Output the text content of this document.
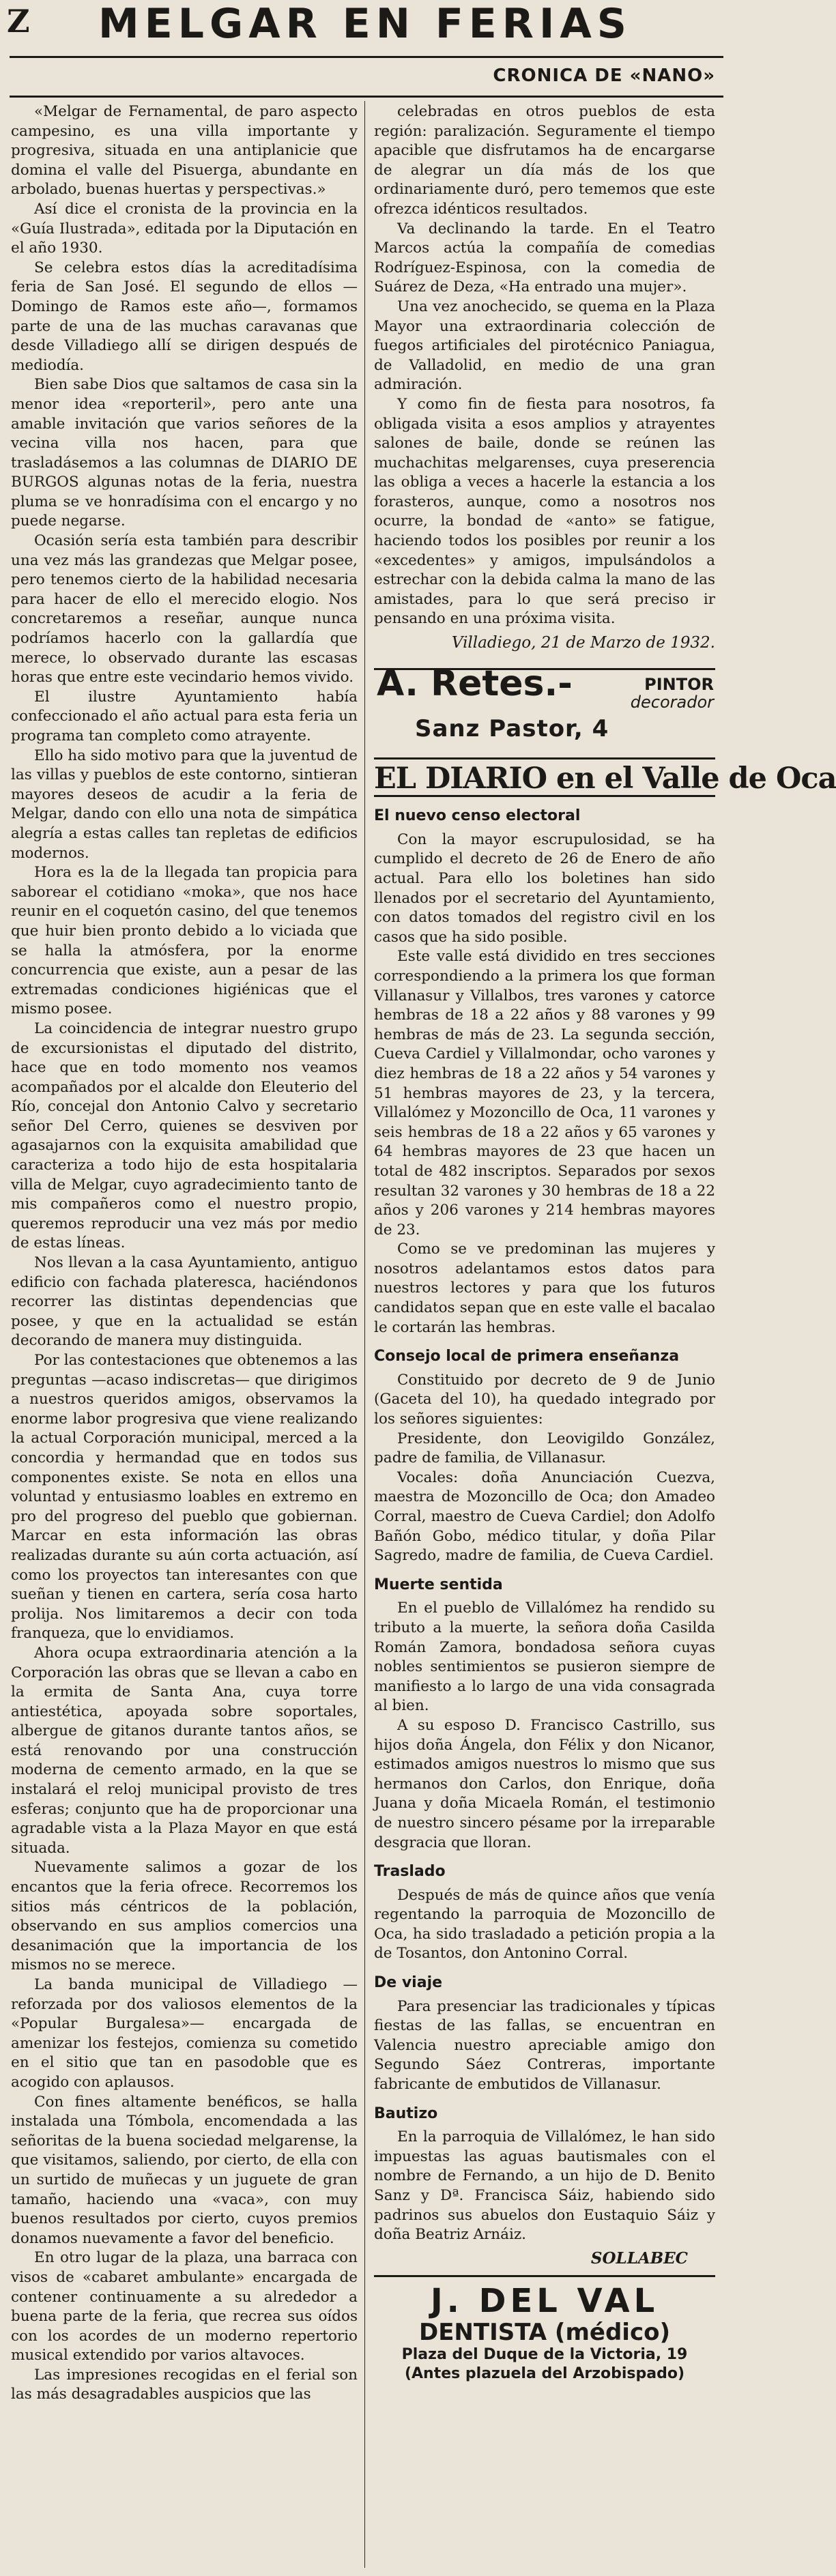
Z MELGAR EN FERIAS
CRONICA DE «NANO»

«Melgar de Fernamental, de paro aspecto campesino, es una villa importante y progresiva, situada en una antiplanicie que domina el valle del Pisuerga, abundante en arbolado, buenas huertas y perspectivas.»

Así dice el cronista de la provincia en la «Guía Ilustrada», editada por la Diputación en el año 1930.

Se celebra estos días la acreditadísima feria de San José. El segundo de ellos —Domingo de Ramos este año—, formamos parte de una de las muchas caravanas que desde Villadiego allí se dirigen después de mediodía.

Bien sabe Dios que saltamos de casa sin la menor idea «reporteril», pero ante una amable invitación que varios señores de la vecina villa nos hacen, para que trasladásemos a las columnas de DIARIO DE BURGOS algunas notas de la feria, nuestra pluma se ve honradísima con el encargo y no puede negarse.

Ocasión sería esta también para describir una vez más las grandezas que Melgar posee, pero tenemos cierto de la habilidad necesaria para hacer de ello el merecido elogio. Nos concretaremos a reseñar, aunque nunca podríamos hacerlo con la gallardía que merece, lo observado durante las escasas horas que entre este vecindario hemos vivido.

El ilustre Ayuntamiento había confeccionado el año actual para esta feria un programa tan completo como atrayente.

Ello ha sido motivo para que la juventud de las villas y pueblos de este contorno, sintieran mayores deseos de acudir a la feria de Melgar, dando con ello una nota de simpática alegría a estas calles tan repletas de edificios modernos.

Hora es la de la llegada tan propicia para saborear el cotidiano «moka», que nos hace reunir en el coquetón casino, del que tenemos que huir bien pronto debido a lo viciada que se halla la atmósfera, por la enorme concurrencia que existe, aun a pesar de las extremadas condiciones higiénicas que el mismo posee.

La coincidencia de integrar nuestro grupo de excursionistas el diputado del distrito, hace que en todo momento nos veamos acompañados por el alcalde don Eleuterio del Río, concejal don Antonio Calvo y secretario señor Del Cerro, quienes se desviven por agasajarnos con la exquisita amabilidad que caracteriza a todo hijo de esta hospitalaria villa de Melgar, cuyo agradecimiento tanto de mis compañeros como el nuestro propio, queremos reproducir una vez más por medio de estas líneas.

Nos llevan a la casa Ayuntamiento, antiguo edificio con fachada plateresca, haciéndonos recorrer las distintas dependencias que posee, y que en la actualidad se están decorando de manera muy distinguida.

Por las contestaciones que obtenemos a las preguntas —acaso indiscretas— que dirigimos a nuestros queridos amigos, observamos la enorme labor progresiva que viene realizando la actual Corporación municipal, merced a la concordia y hermandad que en todos sus componentes existe. Se nota en ellos una voluntad y entusiasmo loables en extremo en pro del progreso del pueblo que gobiernan. Marcar en esta información las obras realizadas durante su aún corta actuación, así como los proyectos tan interesantes con que sueñan y tienen en cartera, sería cosa harto prolija. Nos limitaremos a decir con toda franqueza, que lo envidiamos.

Ahora ocupa extraordinaria atención a la Corporación las obras que se llevan a cabo en la ermita de Santa Ana, cuya torre antiestética, apoyada sobre soportales, albergue de gitanos durante tantos años, se está renovando por una construcción moderna de cemento armado, en la que se instalará el reloj municipal provisto de tres esferas; conjunto que ha de proporcionar una agradable vista a la Plaza Mayor en que está situada.

Nuevamente salimos a gozar de los encantos que la feria ofrece. Recorremos los sitios más céntricos de la población, observando en sus amplios comercios una desanimación que la importancia de los mismos no se merece.

La banda municipal de Villadiego —reforzada por dos valiosos elementos de la «Popular Burgalesa»— encargada de amenizar los festejos, comienza su cometido en el sitio que tan en pasodoble que es acogido con aplausos.

Con fines altamente benéficos, se halla instalada una Tómbola, encomendada a las señoritas de la buena sociedad melgarense, la que visitamos, saliendo, por cierto, de ella con un surtido de muñecas y un juguete de gran tamaño, haciendo una «vaca», con muy buenos resultados por cierto, cuyos premios donamos nuevamente a favor del beneficio.

En otro lugar de la plaza, una barraca con visos de «cabaret ambulante» encargada de contener continuamente a su alrededor a buena parte de la feria, que recrea sus oídos con los acordes de un moderno repertorio musical extendido por varios altavoces.

Las impresiones recogidas en el ferial son las más desagradables auspicios que las

celebradas en otros pueblos de esta región: paralización. Seguramente el tiempo apacible que disfrutamos ha de encargarse de alegrar un día más de los que ordinariamente duró, pero tememos que este ofrezca idénticos resultados.

Va declinando la tarde. En el Teatro Marcos actúa la compañía de comedias Rodríguez-Espinosa, con la comedia de Suárez de Deza, «Ha entrado una mujer».

Una vez anochecido, se quema en la Plaza Mayor una extraordinaria colección de fuegos artificiales del pirotécnico Paniagua, de Valladolid, en medio de una gran admiración.

Y como fin de fiesta para nosotros, fa obligada visita a esos amplios y atrayentes salones de baile, donde se reúnen las muchachitas melgarenses, cuya preserencia las obliga a veces a hacerle la estancia a los forasteros, aunque, como a nosotros nos ocurre, la bondad de «anto» se fatigue, haciendo todos los posibles por reunir a los «excedentes» y amigos, impulsándolos a estrechar con la debida calma la mano de las amistades, para lo que será preciso ir pensando en una próxima visita.

Villadiego, 21 de Marzo de 1932.
A. Retes.-	PINTOR
decorador
Sanz Pastor, 4
EL DIARIO en el Valle de Oca
El nuevo censo electoral

Con la mayor escrupulosidad, se ha cumplido el decreto de 26 de Enero de año actual. Para ello los boletines han sido llenados por el secretario del Ayuntamiento, con datos tomados del registro civil en los casos que ha sido posible.

Este valle está dividido en tres secciones correspondiendo a la primera los que forman Villanasur y Villalbos, tres varones y catorce hembras de 18 a 22 años y 88 varones y 99 hembras de más de 23. La segunda sección, Cueva Cardiel y Villalmondar, ocho varones y diez hembras de 18 a 22 años y 54 varones y 51 hembras mayores de 23, y la tercera, Villalómez y Mozoncillo de Oca, 11 varones y seis hembras de 18 a 22 años y 65 varones y 64 hembras mayores de 23 que hacen un total de 482 inscriptos. Separados por sexos resultan 32 varones y 30 hembras de 18 a 22 años y 206 varones y 214 hembras mayores de 23.

Como se ve predominan las mujeres y nosotros adelantamos estos datos para nuestros lectores y para que los futuros candidatos sepan que en este valle el bacalao le cortarán las hembras.

Consejo local de primera enseñanza

Constituido por decreto de 9 de Junio (Gaceta del 10), ha quedado integrado por los señores siguientes:

Presidente, don Leovigildo González, padre de familia, de Villanasur.

Vocales: doña Anunciación Cuezva, maestra de Mozoncillo de Oca; don Amadeo Corral, maestro de Cueva Cardiel; don Adolfo Bañón Gobo, médico titular, y doña Pilar Sagredo, madre de familia, de Cueva Cardiel.

Muerte sentida

En el pueblo de Villalómez ha rendido su tributo a la muerte, la señora doña Casilda Román Zamora, bondadosa señora cuyas nobles sentimientos se pusieron siempre de manifiesto a lo largo de una vida consagrada al bien.

A su esposo D. Francisco Castrillo, sus hijos doña Ángela, don Félix y don Nicanor, estimados amigos nuestros lo mismo que sus hermanos don Carlos, don Enrique, doña Juana y doña Micaela Román, el testimonio de nuestro sincero pésame por la irreparable desgracia que lloran.

Traslado

Después de más de quince años que venía regentando la parroquia de Mozoncillo de Oca, ha sido trasladado a petición propia a la de Tosantos, don Antonino Corral.

De viaje

Para presenciar las tradicionales y típicas fiestas de las fallas, se encuentran en Valencia nuestro apreciable amigo don Segundo Sáez Contreras, importante fabricante de embutidos de Villanasur.

Bautizo

En la parroquia de Villalómez, le han sido impuestas las aguas bautismales con el nombre de Fernando, a un hijo de D. Benito Sanz y Dª. Francisca Sáiz, habiendo sido padrinos sus abuelos don Eustaquio Sáiz y doña Beatriz Arnáiz.

SOLLABEC
J. DEL VAL
DENTISTA (médico)
Plaza del Duque de la Victoria, 19
(Antes plazuela del Arzobispado)
